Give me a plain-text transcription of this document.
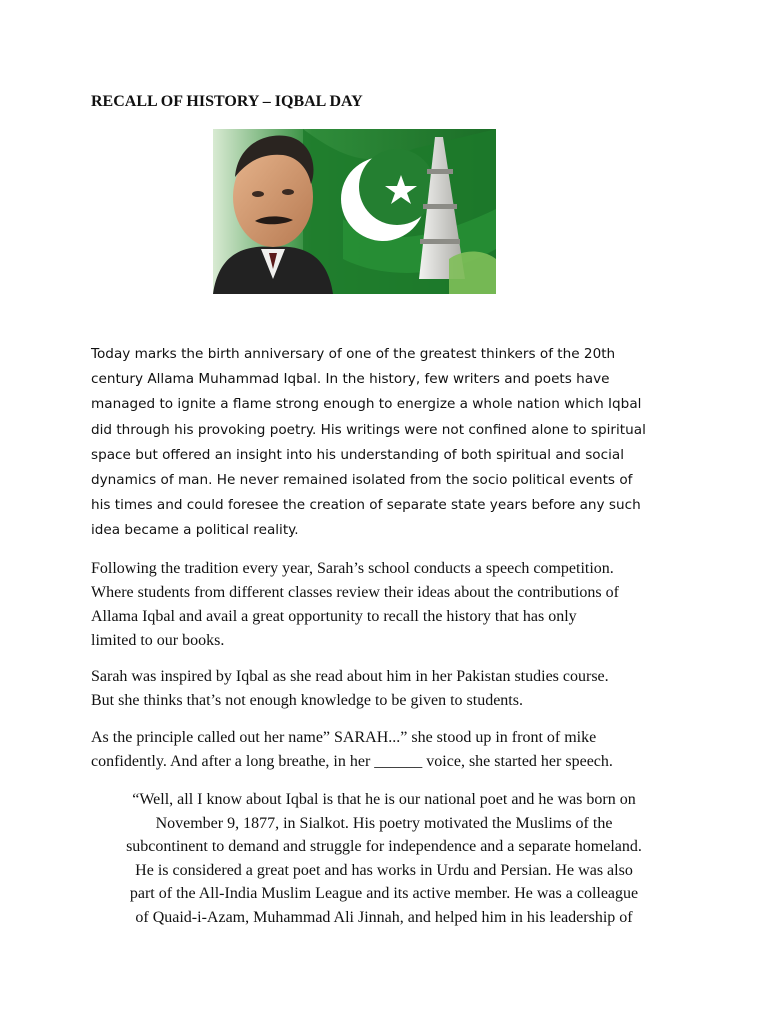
RECALL OF HISTORY – IQBAL DAY

Today marks the birth anniversary of one of the greatest thinkers of the 20th
century Allama Muhammad Iqbal. In the history, few writers and poets have
managed to ignite a flame strong enough to energize a whole nation which Iqbal
did through his provoking poetry. His writings were not confined alone to spiritual
space but offered an insight into his understanding of both spiritual and social
dynamics of man. He never remained isolated from the socio political events of
his times and could foresee the creation of separate state years before any such
idea became a political reality.

Following the tradition every year, Sarah’s school conducts a speech competition.
Where students from different classes review their ideas about the contributions of
Allama Iqbal and avail a great opportunity to recall the history that has only
limited to our books.

Sarah was inspired by Iqbal as she read about him in her Pakistan studies course.
But she thinks that’s not enough knowledge to be given to students.

As the principle called out her name” SARAH...” she stood up in front of mike
confidently. And after a long breathe, in her ______ voice, she started her speech.

“Well, all I know about Iqbal is that he is our national poet and he was born on
November 9, 1877, in Sialkot. His poetry motivated the Muslims of the
subcontinent to demand and struggle for independence and a separate homeland.
He is considered a great poet and has works in Urdu and Persian. He was also
part of the All-India Muslim League and its active member. He was a colleague
of Quaid-i-Azam, Muhammad Ali Jinnah, and helped him in his leadership of
